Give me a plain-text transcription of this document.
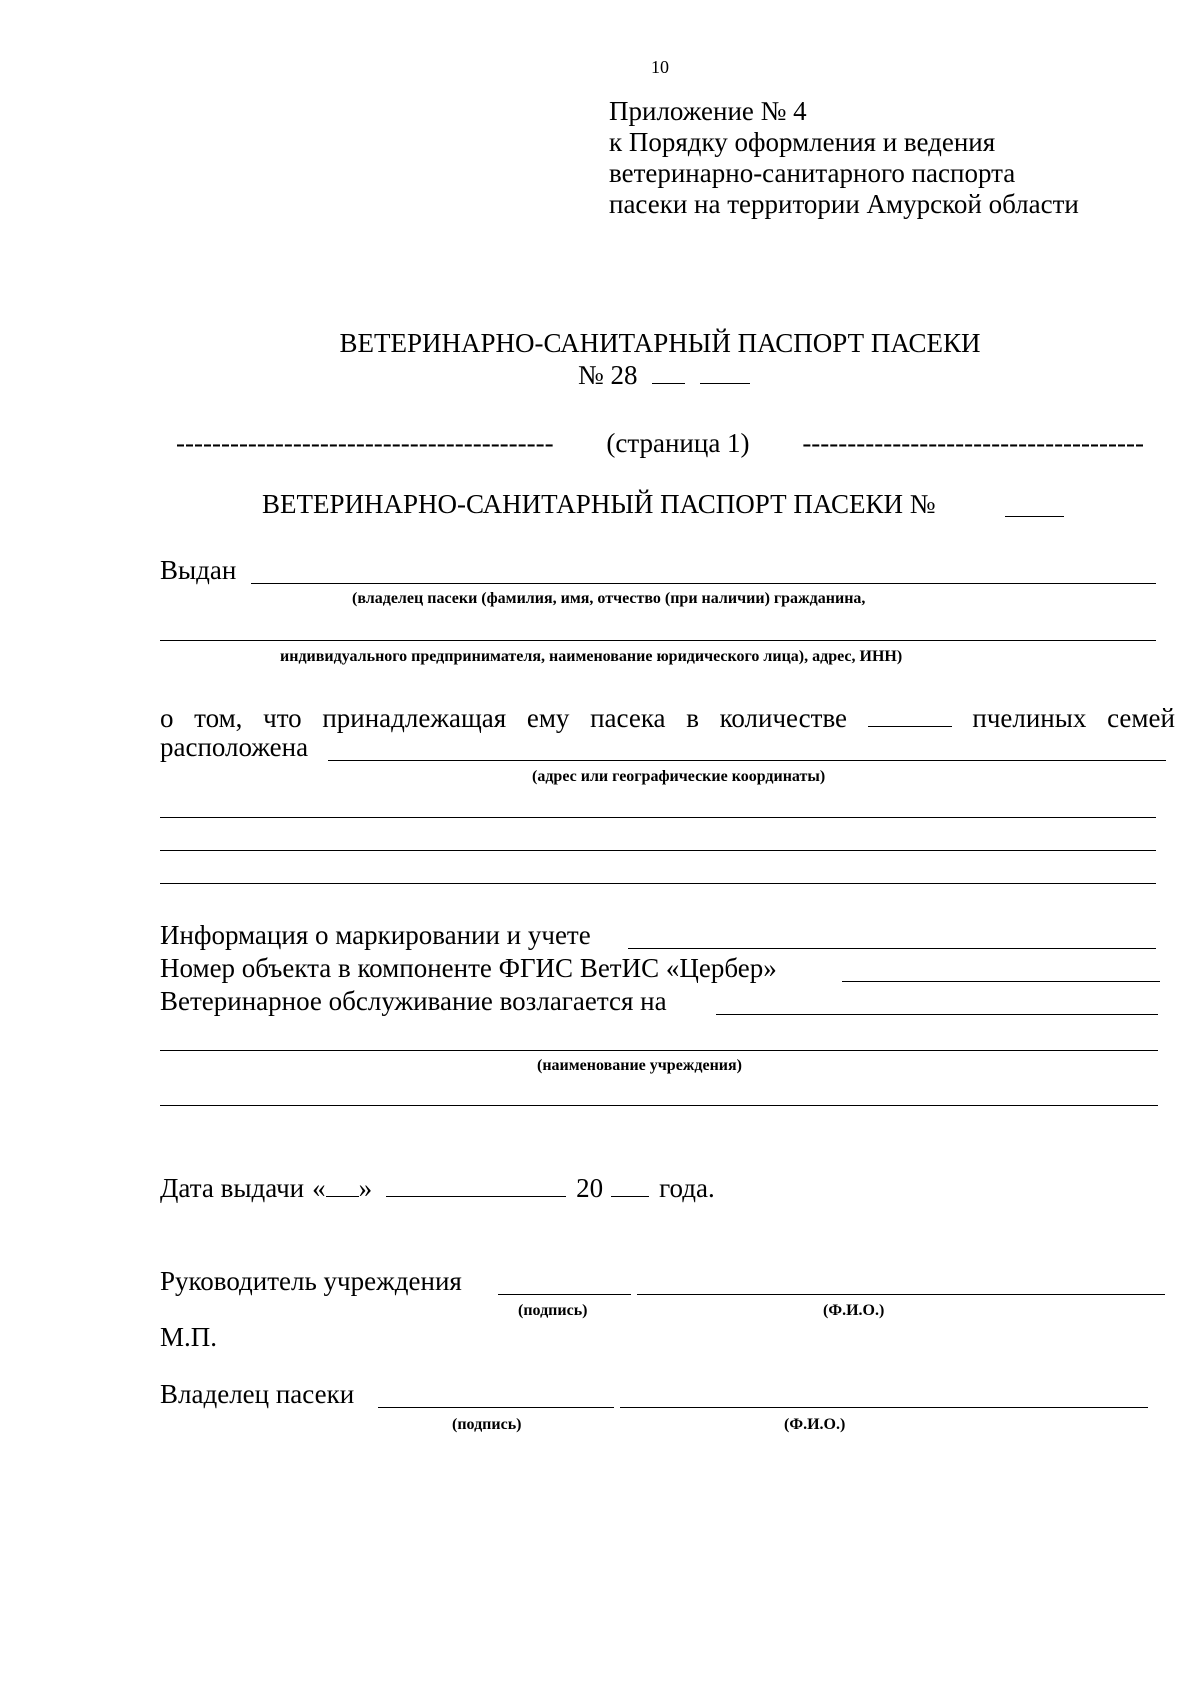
10
Приложение № 4
к Порядку оформления и ведения
ветеринарно-санитарного паспорта
пасеки на территории Амурской области
ВЕТЕРИНАРНО-САНИТАРНЫЙ ПАСПОРТ ПАСЕКИ
№ 28
------------------------------------------ (страница 1) --------------------------------------
ВЕТЕРИНАРНО-САНИТАРНЫЙ ПАСПОРТ ПАСЕКИ №
Выдан
(владелец пасеки (фамилия, имя, отчество (при наличии) гражданина,
индивидуального предпринимателя, наименование юридического лица), адрес, ИНН)
о том, что принадлежащая ему пасека в количестве	пчелиных семей
расположена
(адрес или географические координаты)
Информация о маркировании и учете
Номер объекта в компоненте ФГИС ВетИС «Цербер»
Ветеринарное обслуживание возлагается на
(наименование учреждения)
Дата выдачи « »	20 года.
Руководитель учреждения
(подпись)	(Ф.И.О.)
М.П.
Владелец пасеки
(подпись)	(Ф.И.О.)
